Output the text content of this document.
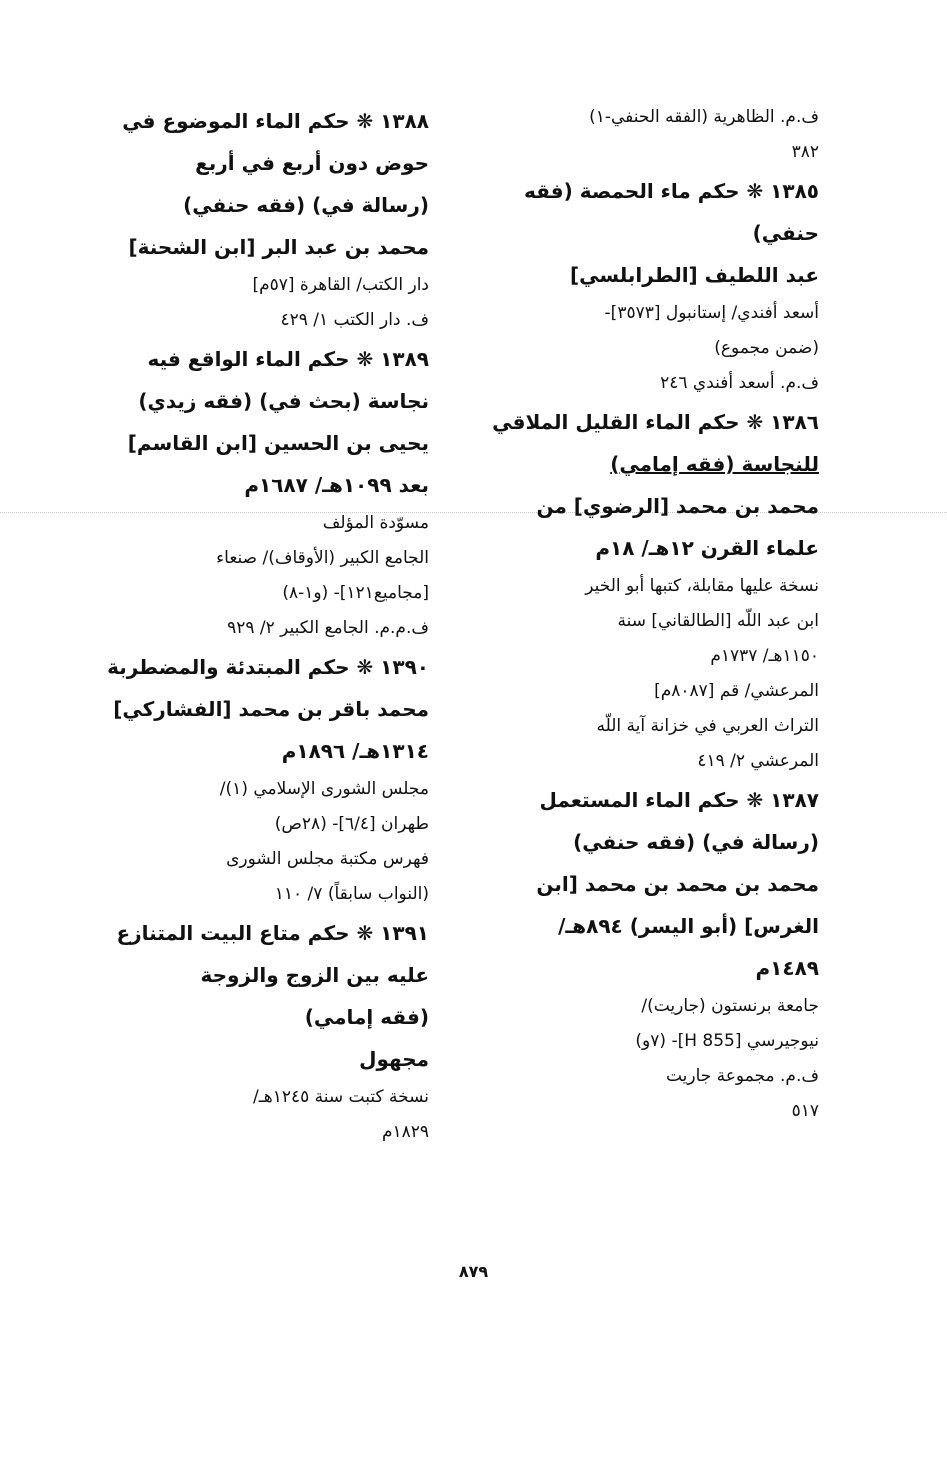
ف.م. الظاهرية (الفقه الحنفي-١)
٣٨٢
١٣٨٥ ❋ حكم ماء الحمصة (فقه
حنفي)
عبد اللطيف [الطرابلسي]
أسعد أفندي/ إستانبول [٣٥٧٣]-
(ضمن مجموع)
ف.م. أسعد أفندي ٢٤٦
١٣٨٦ ❋ حكم الماء القليل الملاقي
للنجاسة (فقه إمامي)
محمد بن محمد [الرضوي] من
علماء القرن ١٢هـ/ ١٨م
نسخة عليها مقابلة، كتبها أبو الخير
ابن عبد اللّه [الطالقاني] سنة
١١٥٠هـ/ ١٧٣٧م
المرعشي/ قم [٨٠٨٧م]
التراث العربي في خزانة آية اللّه
المرعشي ٢/ ٤١٩
١٣٨٧ ❋ حكم الماء المستعمل
(رسالة في) (فقه حنفي)
محمد بن محمد بن محمد [ابن
الغرس] (أبو اليسر) ٨٩٤هـ/
١٤٨٩م
جامعة برنستون (جاريت)/
نيوجيرسي [855 H]- (٧و)
ف.م. مجموعة جاريت
٥١٧
١٣٨٨ ❋ حكم الماء الموضوع في
حوض دون أربع في أربع
(رسالة في) (فقه حنفي)
محمد بن عبد البر [ابن الشحنة]
دار الكتب/ القاهرة [٥٧م]
ف. دار الكتب ١/ ٤٢٩
١٣٨٩ ❋ حكم الماء الواقع فيه
نجاسة (بحث في) (فقه زيدي)
يحيى بن الحسين [ابن القاسم]
بعد ١٠٩٩هـ/ ١٦٨٧م
مسوّدة المؤلف
الجامع الكبير (الأوقاف)/ صنعاء
[مجاميع١٢١]- (و١-٨)
ف.م.م. الجامع الكبير ٢/ ٩٢٩
١٣٩٠ ❋ حكم المبتدئة والمضطربة
محمد باقر بن محمد [الفشاركي]
١٣١٤هـ/ ١٨٩٦م
مجلس الشورى الإسلامي (١)/
طهران [٦/٤]- (٢٨ص)
فهرس مكتبة مجلس الشورى
(النواب سابقاً) ٧/ ١١٠
١٣٩١ ❋ حكم متاع البيت المتنازع
عليه بين الزوج والزوجة
(فقه إمامي)
مجهول
نسخة كتبت سنة ١٢٤٥هـ/
١٨٢٩م
٨٧٩
